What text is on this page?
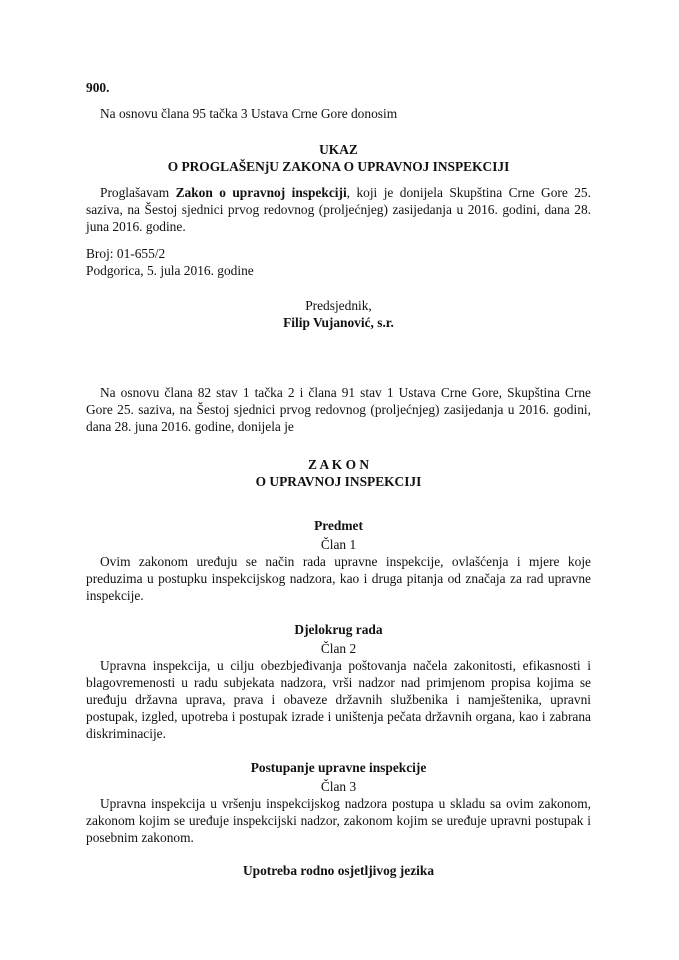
900.

Na osnovu člana 95 tačka 3 Ustava Crne Gore donosim

UKAZ

O PROGLAŠENjU ZAKONA O UPRAVNOJ INSPEKCIJI

Proglašavam Zakon o upravnoj inspekciji, koji je donijela Skupština Crne Gore 25. saziva, na Šestoj sjednici prvog redovnog (proljećnjeg) zasijedanja u 2016. godini, dana 28. juna 2016. godine.

Broj: 01-655/2

Podgorica, 5. jula 2016. godine

Predsjednik,

Filip Vujanović, s.r.

Na osnovu člana 82 stav 1 tačka 2 i člana 91 stav 1 Ustava Crne Gore, Skupština Crne Gore 25. saziva, na Šestoj sjednici prvog redovnog (proljećnjeg) zasijedanja u 2016. godini, dana 28. juna 2016. godine, donijela je

Z A K O N

O UPRAVNOJ INSPEKCIJI

Predmet

Član 1

Ovim zakonom uređuju se način rada upravne inspekcije, ovlašćenja i mjere koje preduzima u postupku inspekcijskog nadzora, kao i druga pitanja od značaja za rad upravne inspekcije.

Djelokrug rada

Član 2

Upravna inspekcija, u cilju obezbjeđivanja poštovanja načela zakonitosti, efikasnosti i blagovremenosti u radu subjekata nadzora, vrši nadzor nad primjenom propisa kojima se uređuju državna uprava, prava i obaveze državnih službenika i namještenika, upravni postupak, izgled, upotreba i postupak izrade i uništenja pečata državnih organa, kao i zabrana diskriminacije.

Postupanje upravne inspekcije

Član 3

Upravna inspekcija u vršenju inspekcijskog nadzora postupa u skladu sa ovim zakonom, zakonom kojim se uređuje inspekcijski nadzor, zakonom kojim se uređuje upravni postupak i posebnim zakonom.

Upotreba rodno osjetljivog jezika
